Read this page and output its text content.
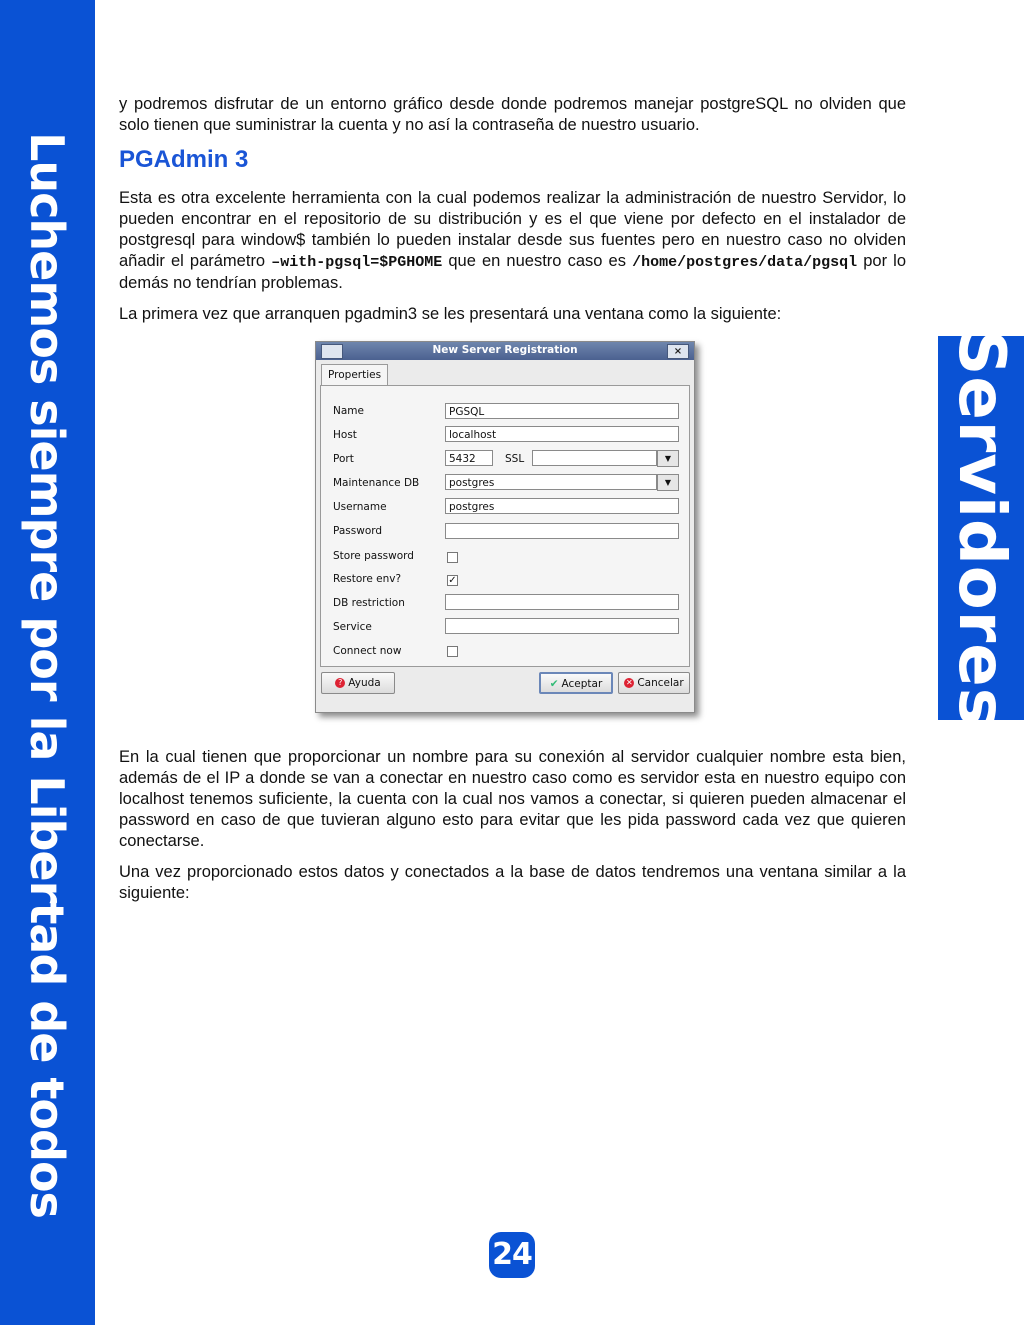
Luchemos siempre por la Libertad de todos	Servidores
24

y podremos disfrutar de un entorno gráfico desde donde podremos manejar postgreSQL no olviden que solo tienen que suministrar la cuenta y no así la contraseña de nuestro usuario.

PGAdmin 3

Esta es otra excelente herramienta con la cual podemos realizar la administración de nuestro Servidor, lo pueden encontrar en el repositorio de su distribución y es el que viene por defecto en el instalador de postgresql para window$ también lo pueden instalar desde sus fuentes pero en nuestro caso no olviden añadir el parámetro –with-pgsql=$PGHOME que en nuestro caso es /home/postgres/data/pgsql por lo demás no tendrían problemas.

La primera vez que arranquen pgadmin3 se les presentará una ventana como la siguiente:

New Server Registration	×
Properties
Name	PGSQL
Host	localhost
Port	5432	SSL	▼
Maintenance DB	postgres	▼
Username	postgres
Password
Store password
Restore env?	✓
DB restriction
Service
Connect now
? Ayuda	✔ Aceptar	✕ Cancelar

En la cual tienen que proporcionar un nombre para su conexión al servidor cualquier nombre esta bien, además de el IP a donde se van a conectar en nuestro caso como es servidor esta en nuestro equipo con localhost tenemos suficiente, la cuenta con la cual nos vamos a conectar, si quieren pueden almacenar el password en caso de que tuvieran alguno esto para evitar que les pida password cada vez que quieren conectarse.

Una vez proporcionado estos datos y conectados a la base de datos tendremos una ventana similar a la siguiente:
